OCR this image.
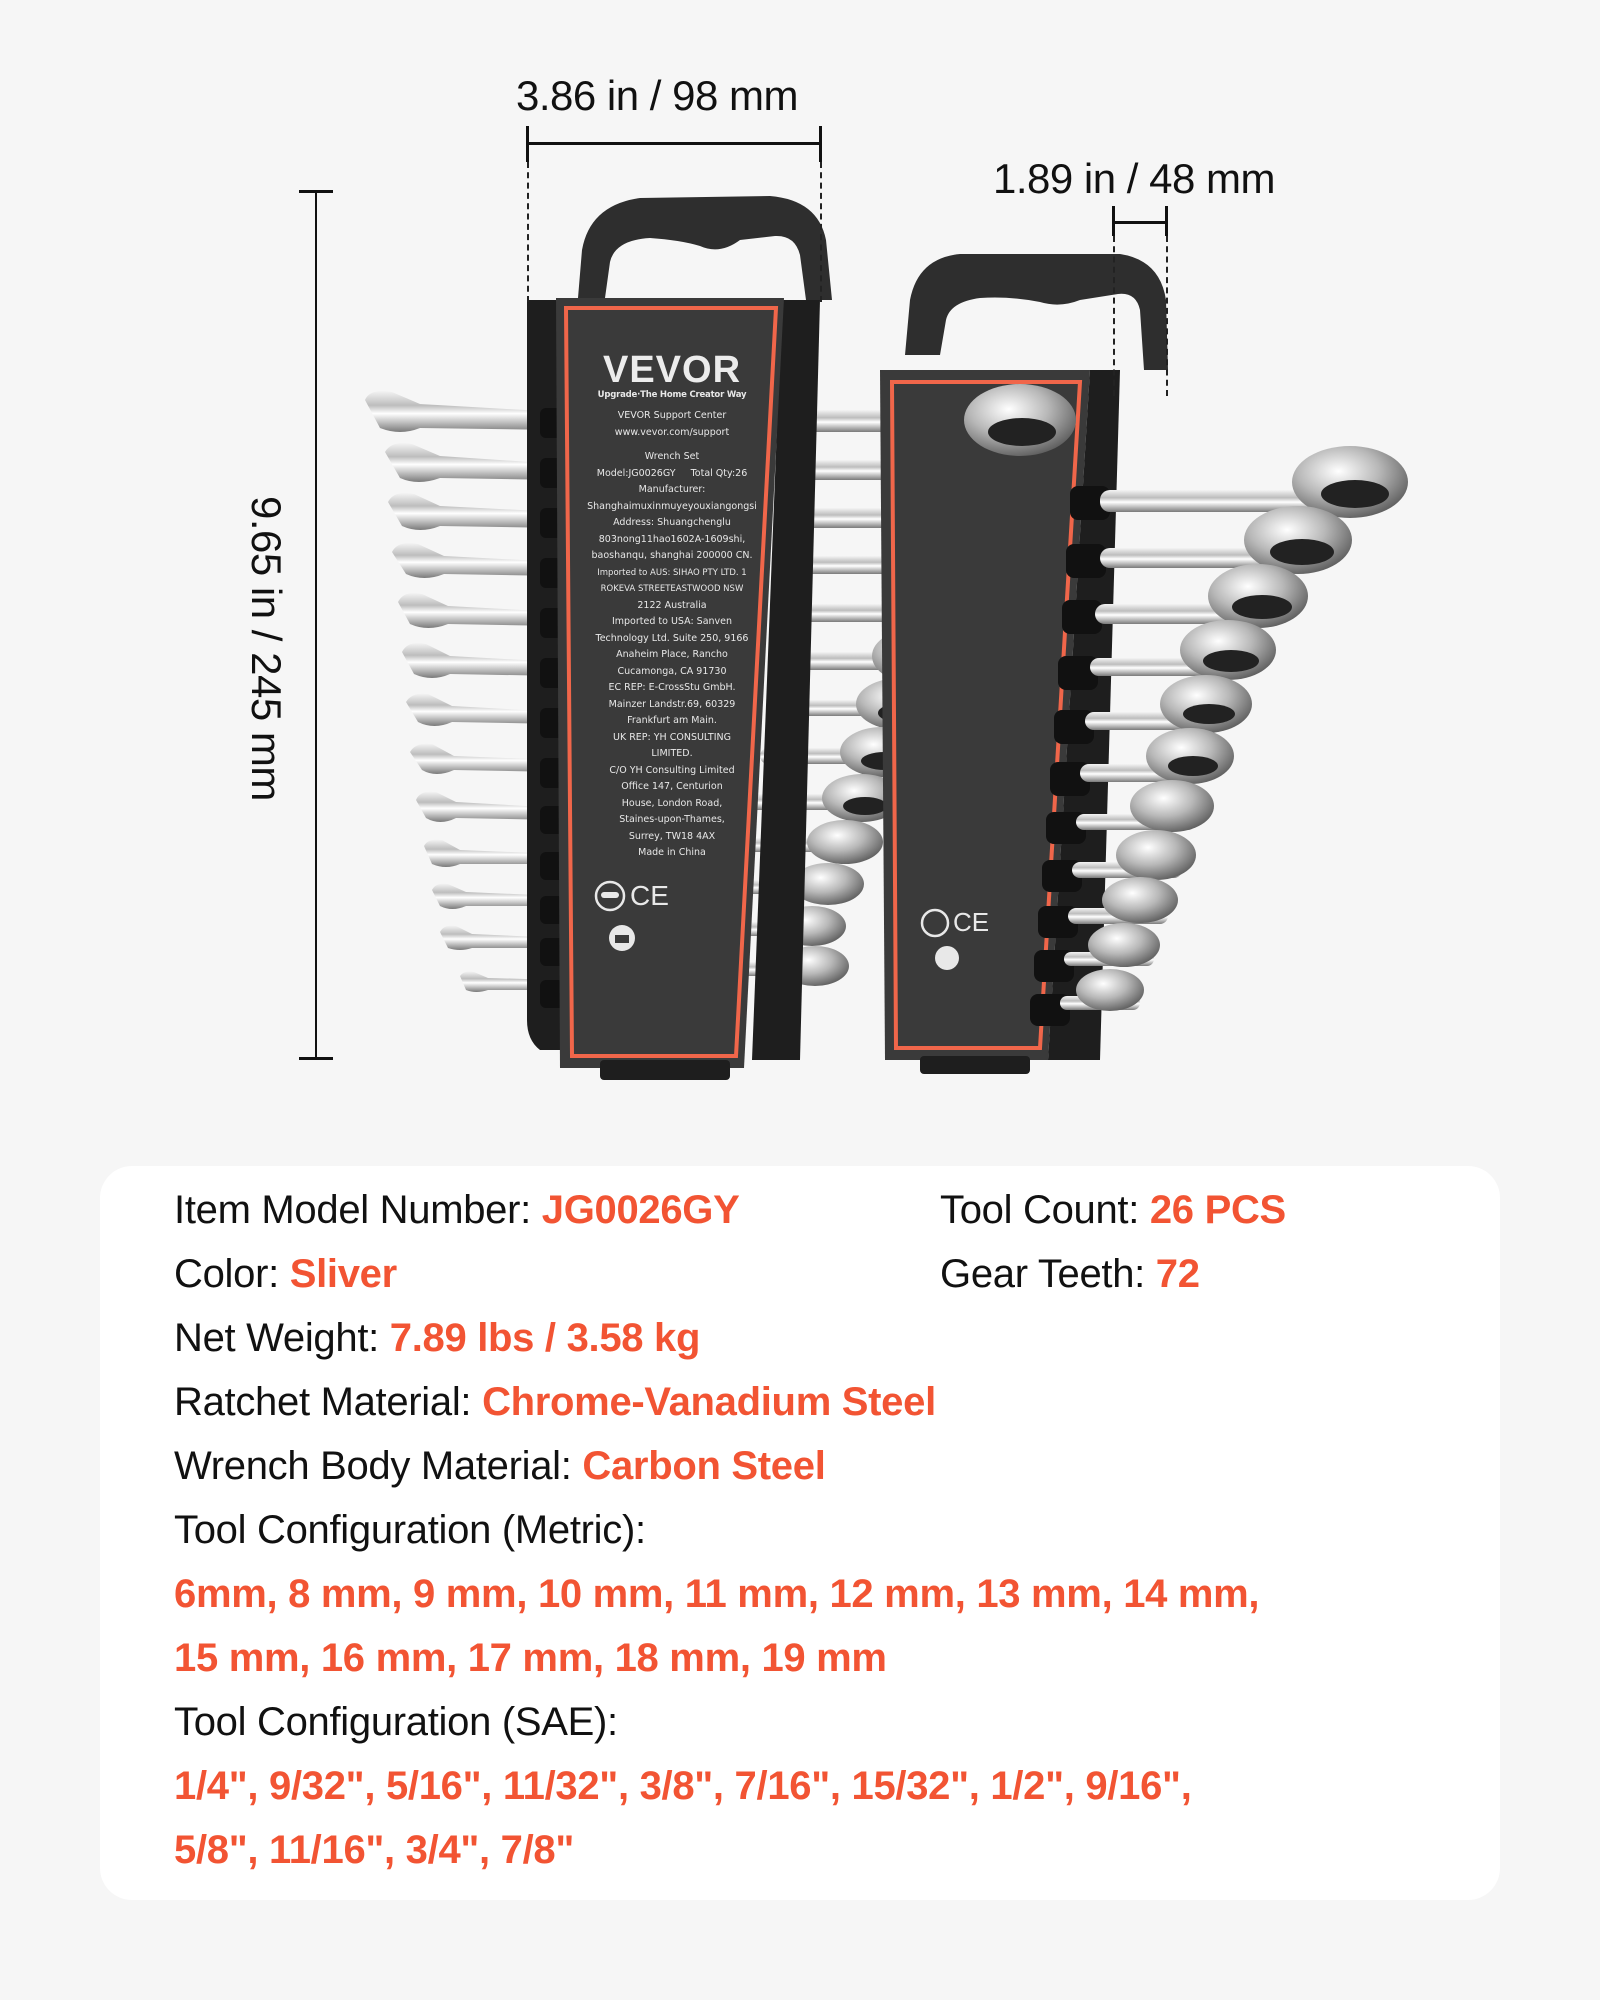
CE
CE
VEVOR
Upgrade·The Home Creator Way
VEVOR Support Center
www.vevor.com/support
Wrench Set
Model:JG0026GY     Total Qty:26
Manufacturer:
Shanghaimuxinmuyeyouxiangongsi
Address: Shuangchenglu
803nong11hao1602A-1609shi,
baoshanqu, shanghai 200000 CN.
Imported to AUS: SIHAO PTY LTD. 1
ROKEVA STREETEASTWOOD NSW
2122 Australia
Imported to USA: Sanven
Technology Ltd. Suite 250, 9166
Anaheim Place, Rancho
Cucamonga, CA 91730
EC REP: E-CrossStu GmbH.
Mainzer Landstr.69, 60329
Frankfurt am Main.
UK REP: YH CONSULTING
LIMITED.
C/O YH Consulting Limited
Office 147, Centurion
House, London Road,
Staines-upon-Thames,
Surrey, TW18 4AX
Made in China
3.86 in / 98 mm
1.89 in / 48 mm
9.65 in / 245 mm
Item Model Number: JG0026GY	Tool Count: 26 PCS
Color: Sliver	Gear Teeth: 72
Net Weight: 7.89 lbs / 3.58 kg
Ratchet Material: Chrome-Vanadium Steel
Wrench Body Material: Carbon Steel
Tool Configuration (Metric):
6mm, 8 mm, 9 mm, 10 mm, 11 mm, 12 mm, 13 mm, 14 mm,
15 mm, 16 mm, 17 mm, 18 mm, 19 mm
Tool Configuration (SAE):
1/4", 9/32", 5/16", 11/32", 3/8", 7/16", 15/32", 1/2", 9/16",
5/8", 11/16", 3/4", 7/8"
